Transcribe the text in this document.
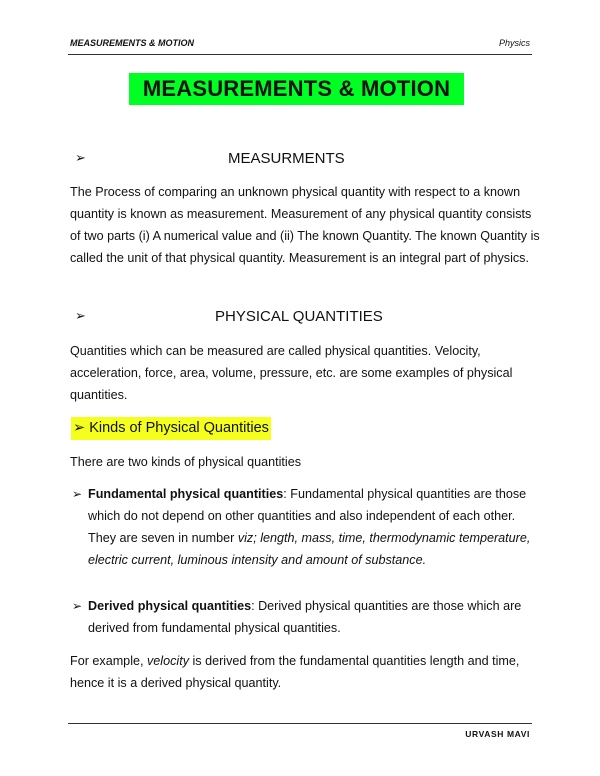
MEASUREMENTS & MOTION	Physics
MEASUREMENTS & MOTION
➢	MEASURMENTS
The Process of comparing an unknown physical quantity with respect to a known quantity is known as measurement. Measurement of any physical quantity consists of two parts (i) A numerical value and (ii) The known Quantity. The known Quantity is called the unit of that physical quantity. Measurement is an integral part of physics.
➢	PHYSICAL QUANTITIES
Quantities which can be measured are called physical quantities. Velocity, acceleration, force, area, volume, pressure, etc. are some examples of physical quantities.
➢ Kinds of Physical Quantities
There are two kinds of physical quantities
➢ Fundamental physical quantities: Fundamental physical quantities are those which do not depend on other quantities and also independent of each other. They are seven in number viz; length, mass, time, thermodynamic temperature, electric current, luminous intensity and amount of substance.
➢ Derived physical quantities: Derived physical quantities are those which are derived from fundamental physical quantities.
For example, velocity is derived from the fundamental quantities length and time, hence it is a derived physical quantity.
URVASH MAVI
